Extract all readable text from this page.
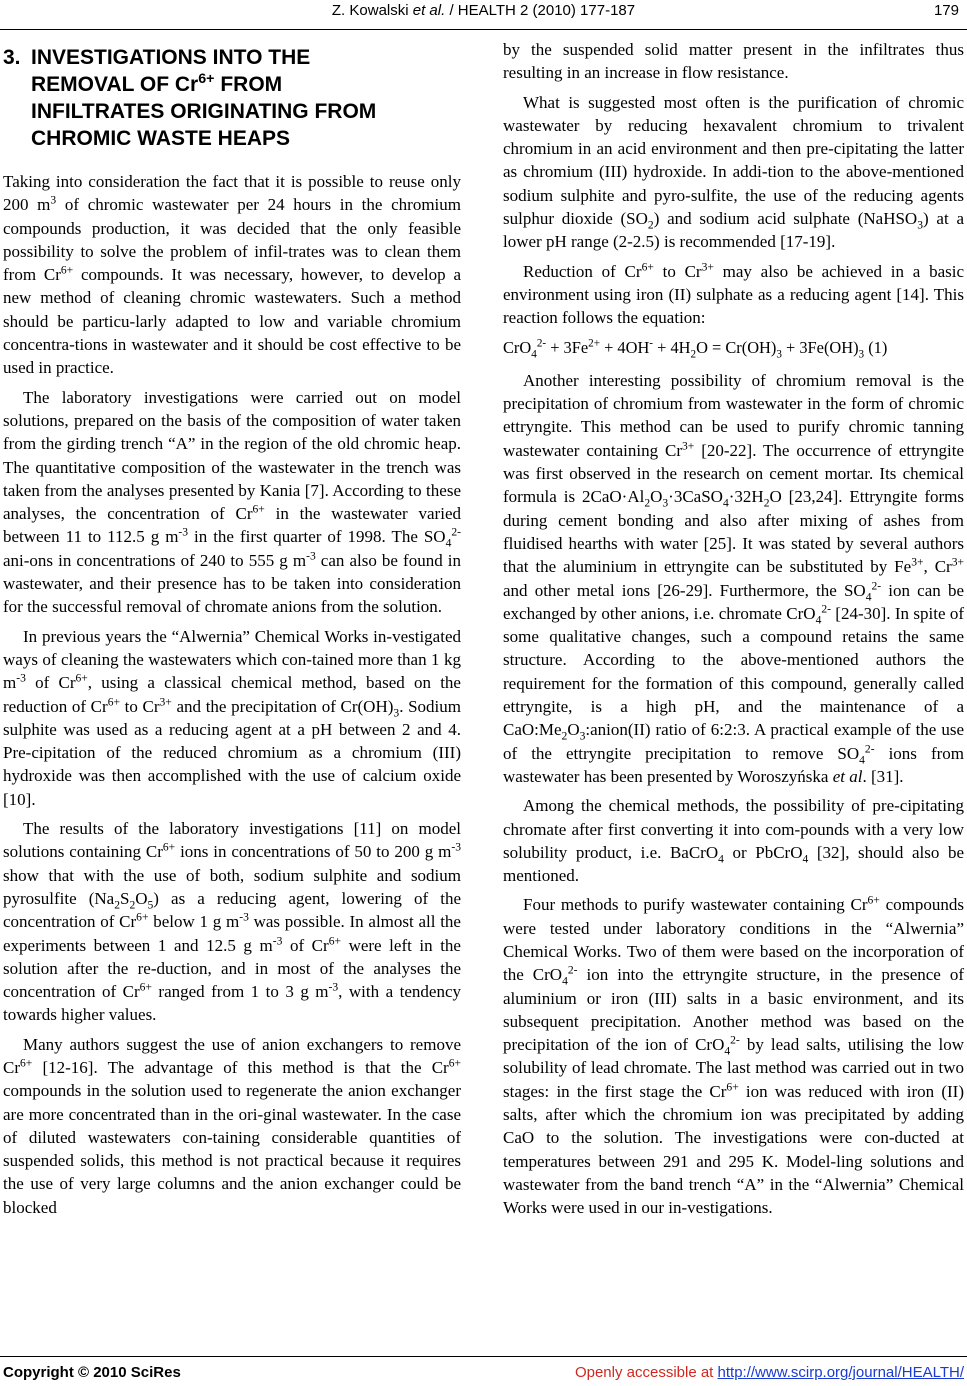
Z. Kowalski et al. / HEALTH 2 (2010) 177-187	179
3. INVESTIGATIONS INTO THE
REMOVAL OF $Cr^{6+}$ FROM
INFILTRATES ORIGINATING FROM
CHROMIC WASTE HEAPS

Taking into consideration the fact that it is possible to reuse only 200 $m^3$ of chromic wastewater per 24 hours in the chromium compounds production, it was decided that the only feasible possibility to solve the problem of infil-trates was to clean them from $Cr^{6+}$ compounds. It was necessary, however, to develop a new method of cleaning chromic wastewaters. Such a method should be particu-larly adapted to low and variable chromium concentra-tions in wastewater and it should be cost effective to be used in practice.

The laboratory investigations were carried out on model solutions, prepared on the basis of the composition of water taken from the girding trench “A” in the region of the old chromic heap. The quantitative composition of the wastewater in the trench was taken from the analyses presented by Kania [7]. According to these analyses, the concentration of $Cr^{6+}$ in the wastewater varied between 11 to 112.5 g $m^{-3}$ in the first quarter of 1998. The $SO_4^{2-}$ ani-ons in concentrations of 240 to 555 g $m^{-3}$ can also be found in wastewater, and their presence has to be taken into consideration for the successful removal of chromate anions from the solution.

In previous years the “Alwernia” Chemical Works in-vestigated ways of cleaning the wastewaters which con-tained more than 1 kg $m^{-3}$ of $Cr^{6+}$, using a classical chemical method, based on the reduction of $Cr^{6+}$ to $Cr^{3+}$ and the precipitation of $Cr(OH)_3$. Sodium sulphite was used as a reducing agent at a pH between 2 and 4. Pre-cipitation of the reduced chromium as a chromium (III) hydroxide was then accomplished with the use of calcium oxide [10].

The results of the laboratory investigations [11] on model solutions containing $Cr^{6+}$ ions in concentrations of 50 to 200 g $m^{-3}$ show that with the use of both, sodium sulphite and sodium pyrosulfite $(Na_2S_2O_5)$ as a reducing agent, lowering of the concentration of $Cr^{6+}$ below 1 g $m^{-3}$ was possible. In almost all the experiments between 1 and 12.5 g $m^{-3}$ of $Cr^{6+}$ were left in the solution after the re-duction, and in most of the analyses the concentration of $Cr^{6+}$ ranged from 1 to 3 g $m^{-3}$, with a tendency towards higher values.

Many authors suggest the use of anion exchangers to remove $Cr^{6+}$ [12-16]. The advantage of this method is that the $Cr^{6+}$ compounds in the solution used to regenerate the anion exchanger are more concentrated than in the ori-ginal wastewater. In the case of diluted wastewaters con-taining considerable quantities of suspended solids, this method is not practical because it requires the use of very large columns and the anion exchanger could be blocked

by the suspended solid matter present in the infiltrates thus resulting in an increase in flow resistance.

What is suggested most often is the purification of chromic wastewater by reducing hexavalent chromium to trivalent chromium in an acid environment and then pre-cipitating the latter as chromium (III) hydroxide. In addi-tion to the above-mentioned sodium sulphite and pyro-sulfite, the use of the reducing agents sulphur dioxide $(SO_2)$ and sodium acid sulphate (NaHSO$_3$) at a lower pH range (2-2.5) is recommended [17-19].

Reduction of $Cr^{6+}$ to $Cr^{3+}$ may also be achieved in a basic environment using iron (II) sulphate as a reducing agent [14]. This reaction follows the equation:

$CrO_4^{2-} + 3Fe^{2+} + 4OH^- + 4H_2O = Cr(OH)_3 + 3Fe(OH)_3$ (1)

Another interesting possibility of chromium removal is the precipitation of chromium from wastewater in the form of chromic ettryngite. This method can be used to purify chromic tanning wastewater containing $Cr^{3+}$ [20-22]. The occurrence of ettryngite was first observed in the research on cement mortar. Its chemical formula is $2CaO\cdot Al_2O_3\cdot 3CaSO_4\cdot 32H_2O$ [23,24]. Ettryngite forms during cement bonding and also after mixing of ashes from fluidised hearths with water [25]. It was stated by several authors that the aluminium in ettryngite can be substituted by $Fe^{3+}$, $Cr^{3+}$ and other metal ions [26-29]. Furthermore, the $SO_4^{2-}$ ion can be exchanged by other anions, i.e. chromate CrO$_4^{2-}$ [24-30]. In spite of some qualitative changes, such a compound retains the same structure. According to the above-mentioned authors the requirement for the formation of this compound, generally called ettryngite, is a high pH, and the maintenance of a $CaO:Me_2O_3:anion(II)$ ratio of 6:2:3. A practical example of the use of the ettryngite precipitation to remove $SO_4^{2-}$ ions from wastewater has been presented by Woroszyńska et al. [31].

Among the chemical methods, the possibility of pre-cipitating chromate after first converting it into com-pounds with a very low solubility product, i.e. BaCrO$_4$ or PbCrO$_4$ [32], should also be mentioned.

Four methods to purify wastewater containing $Cr^{6+}$ compounds were tested under laboratory conditions in the “Alwernia” Chemical Works. Two of them were based on the incorporation of the CrO$_4^{2-}$ ion into the ettryngite structure, in the presence of aluminium or iron (III) salts in a basic environment, and its subsequent precipitation. Another method was based on the precipitation of the ion of CrO$_4^{2-}$ by lead salts, utilising the low solubility of lead chromate. The last method was carried out in two stages: in the first stage the $Cr^{6+}$ ion was reduced with iron (II) salts, after which the chromium ion was precipitated by adding CaO to the solution. The investigations were con-ducted at temperatures between 291 and 295 K. Model-ling solutions and wastewater from the band trench “A” in the “Alwernia” Chemical Works were used in our in-vestigations.

Copyright © 2010 SciRes	Openly accessible at http://www.scirp.org/journal/HEALTH/
